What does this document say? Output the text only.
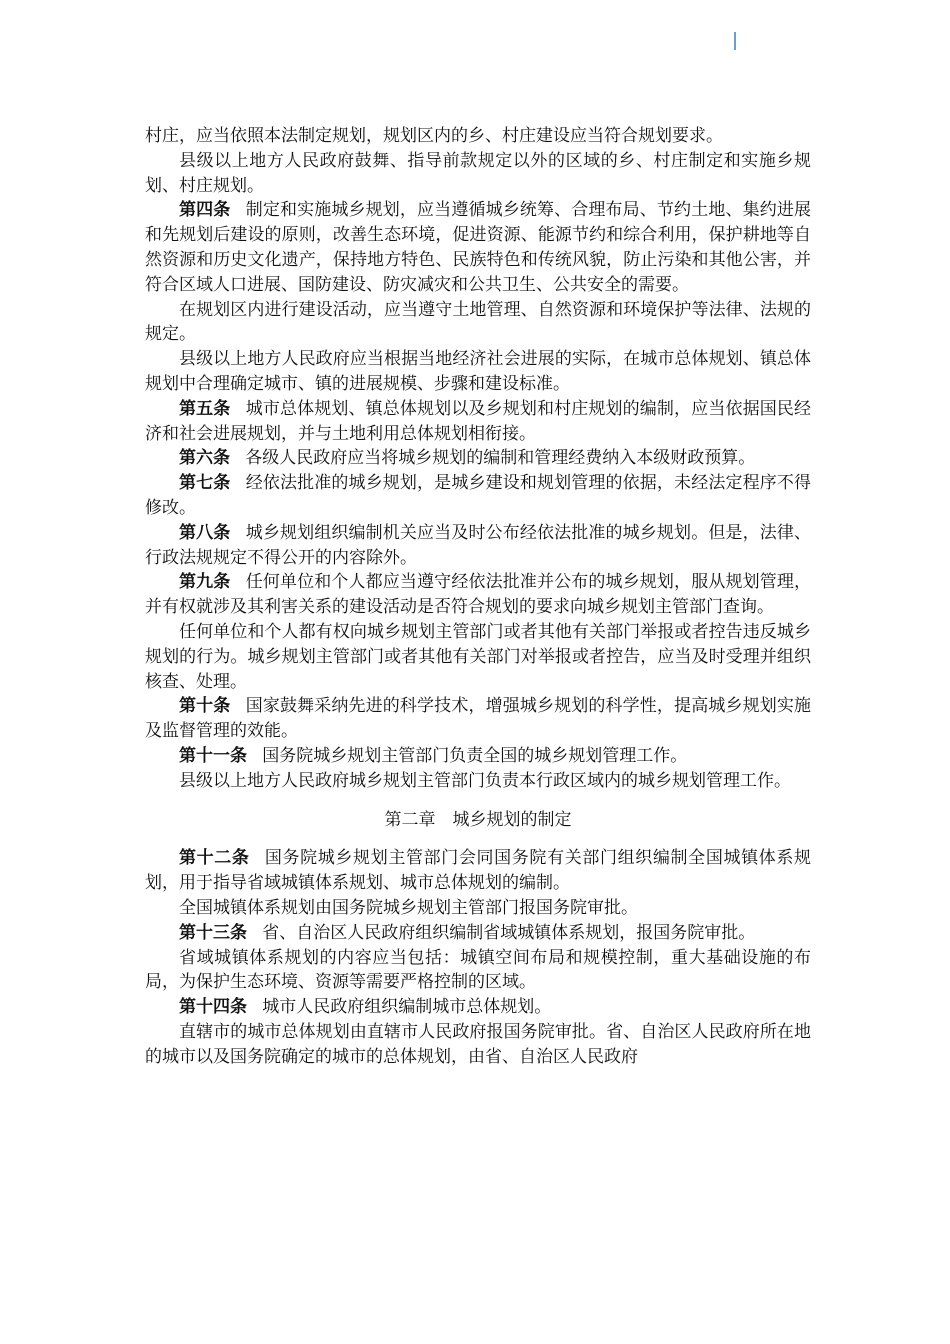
村庄，应当依照本法制定规划，规划区内的乡、村庄建设应当符合规划要求。

县级以上地方人民政府鼓舞、指导前款规定以外的区域的乡、村庄制定和实施乡规划、村庄规划。

第四条 制定和实施城乡规划，应当遵循城乡统筹、合理布局、节约土地、集约进展和先规划后建设的原则，改善生态环境，促进资源、能源节约和综合利用，保护耕地等自然资源和历史文化遗产，保持地方特色、民族特色和传统风貌，防止污染和其他公害，并符合区域人口进展、国防建设、防灾减灾和公共卫生、公共安全的需要。

在规划区内进行建设活动，应当遵守土地管理、自然资源和环境保护等法律、法规的规定。

县级以上地方人民政府应当根据当地经济社会进展的实际，在城市总体规划、镇总体规划中合理确定城市、镇的进展规模、步骤和建设标准。

第五条 城市总体规划、镇总体规划以及乡规划和村庄规划的编制，应当依据国民经济和社会进展规划，并与土地利用总体规划相衔接。

第六条 各级人民政府应当将城乡规划的编制和管理经费纳入本级财政预算。

第七条 经依法批准的城乡规划，是城乡建设和规划管理的依据，未经法定程序不得修改。

第八条 城乡规划组织编制机关应当及时公布经依法批准的城乡规划。但是，法律、行政法规规定不得公开的内容除外。

第九条 任何单位和个人都应当遵守经依法批准并公布的城乡规划，服从规划管理，并有权就涉及其利害关系的建设活动是否符合规划的要求向城乡规划主管部门查询。

任何单位和个人都有权向城乡规划主管部门或者其他有关部门举报或者控告违反城乡规划的行为。城乡规划主管部门或者其他有关部门对举报或者控告，应当及时受理并组织核查、处理。

第十条 国家鼓舞采纳先进的科学技术，增强城乡规划的科学性，提高城乡规划实施及监督管理的效能。

第十一条 国务院城乡规划主管部门负责全国的城乡规划管理工作。

县级以上地方人民政府城乡规划主管部门负责本行政区域内的城乡规划管理工作。

第二章　城乡规划的制定

第十二条 国务院城乡规划主管部门会同国务院有关部门组织编制全国城镇体系规划，用于指导省域城镇体系规划、城市总体规划的编制。

全国城镇体系规划由国务院城乡规划主管部门报国务院审批。

第十三条 省、自治区人民政府组织编制省域城镇体系规划，报国务院审批。

省域城镇体系规划的内容应当包括：城镇空间布局和规模控制，重大基础设施的布局，为保护生态环境、资源等需要严格控制的区域。

第十四条 城市人民政府组织编制城市总体规划。

直辖市的城市总体规划由直辖市人民政府报国务院审批。省、自治区人民政府所在地的城市以及国务院确定的城市的总体规划，由省、自治区人民政府
